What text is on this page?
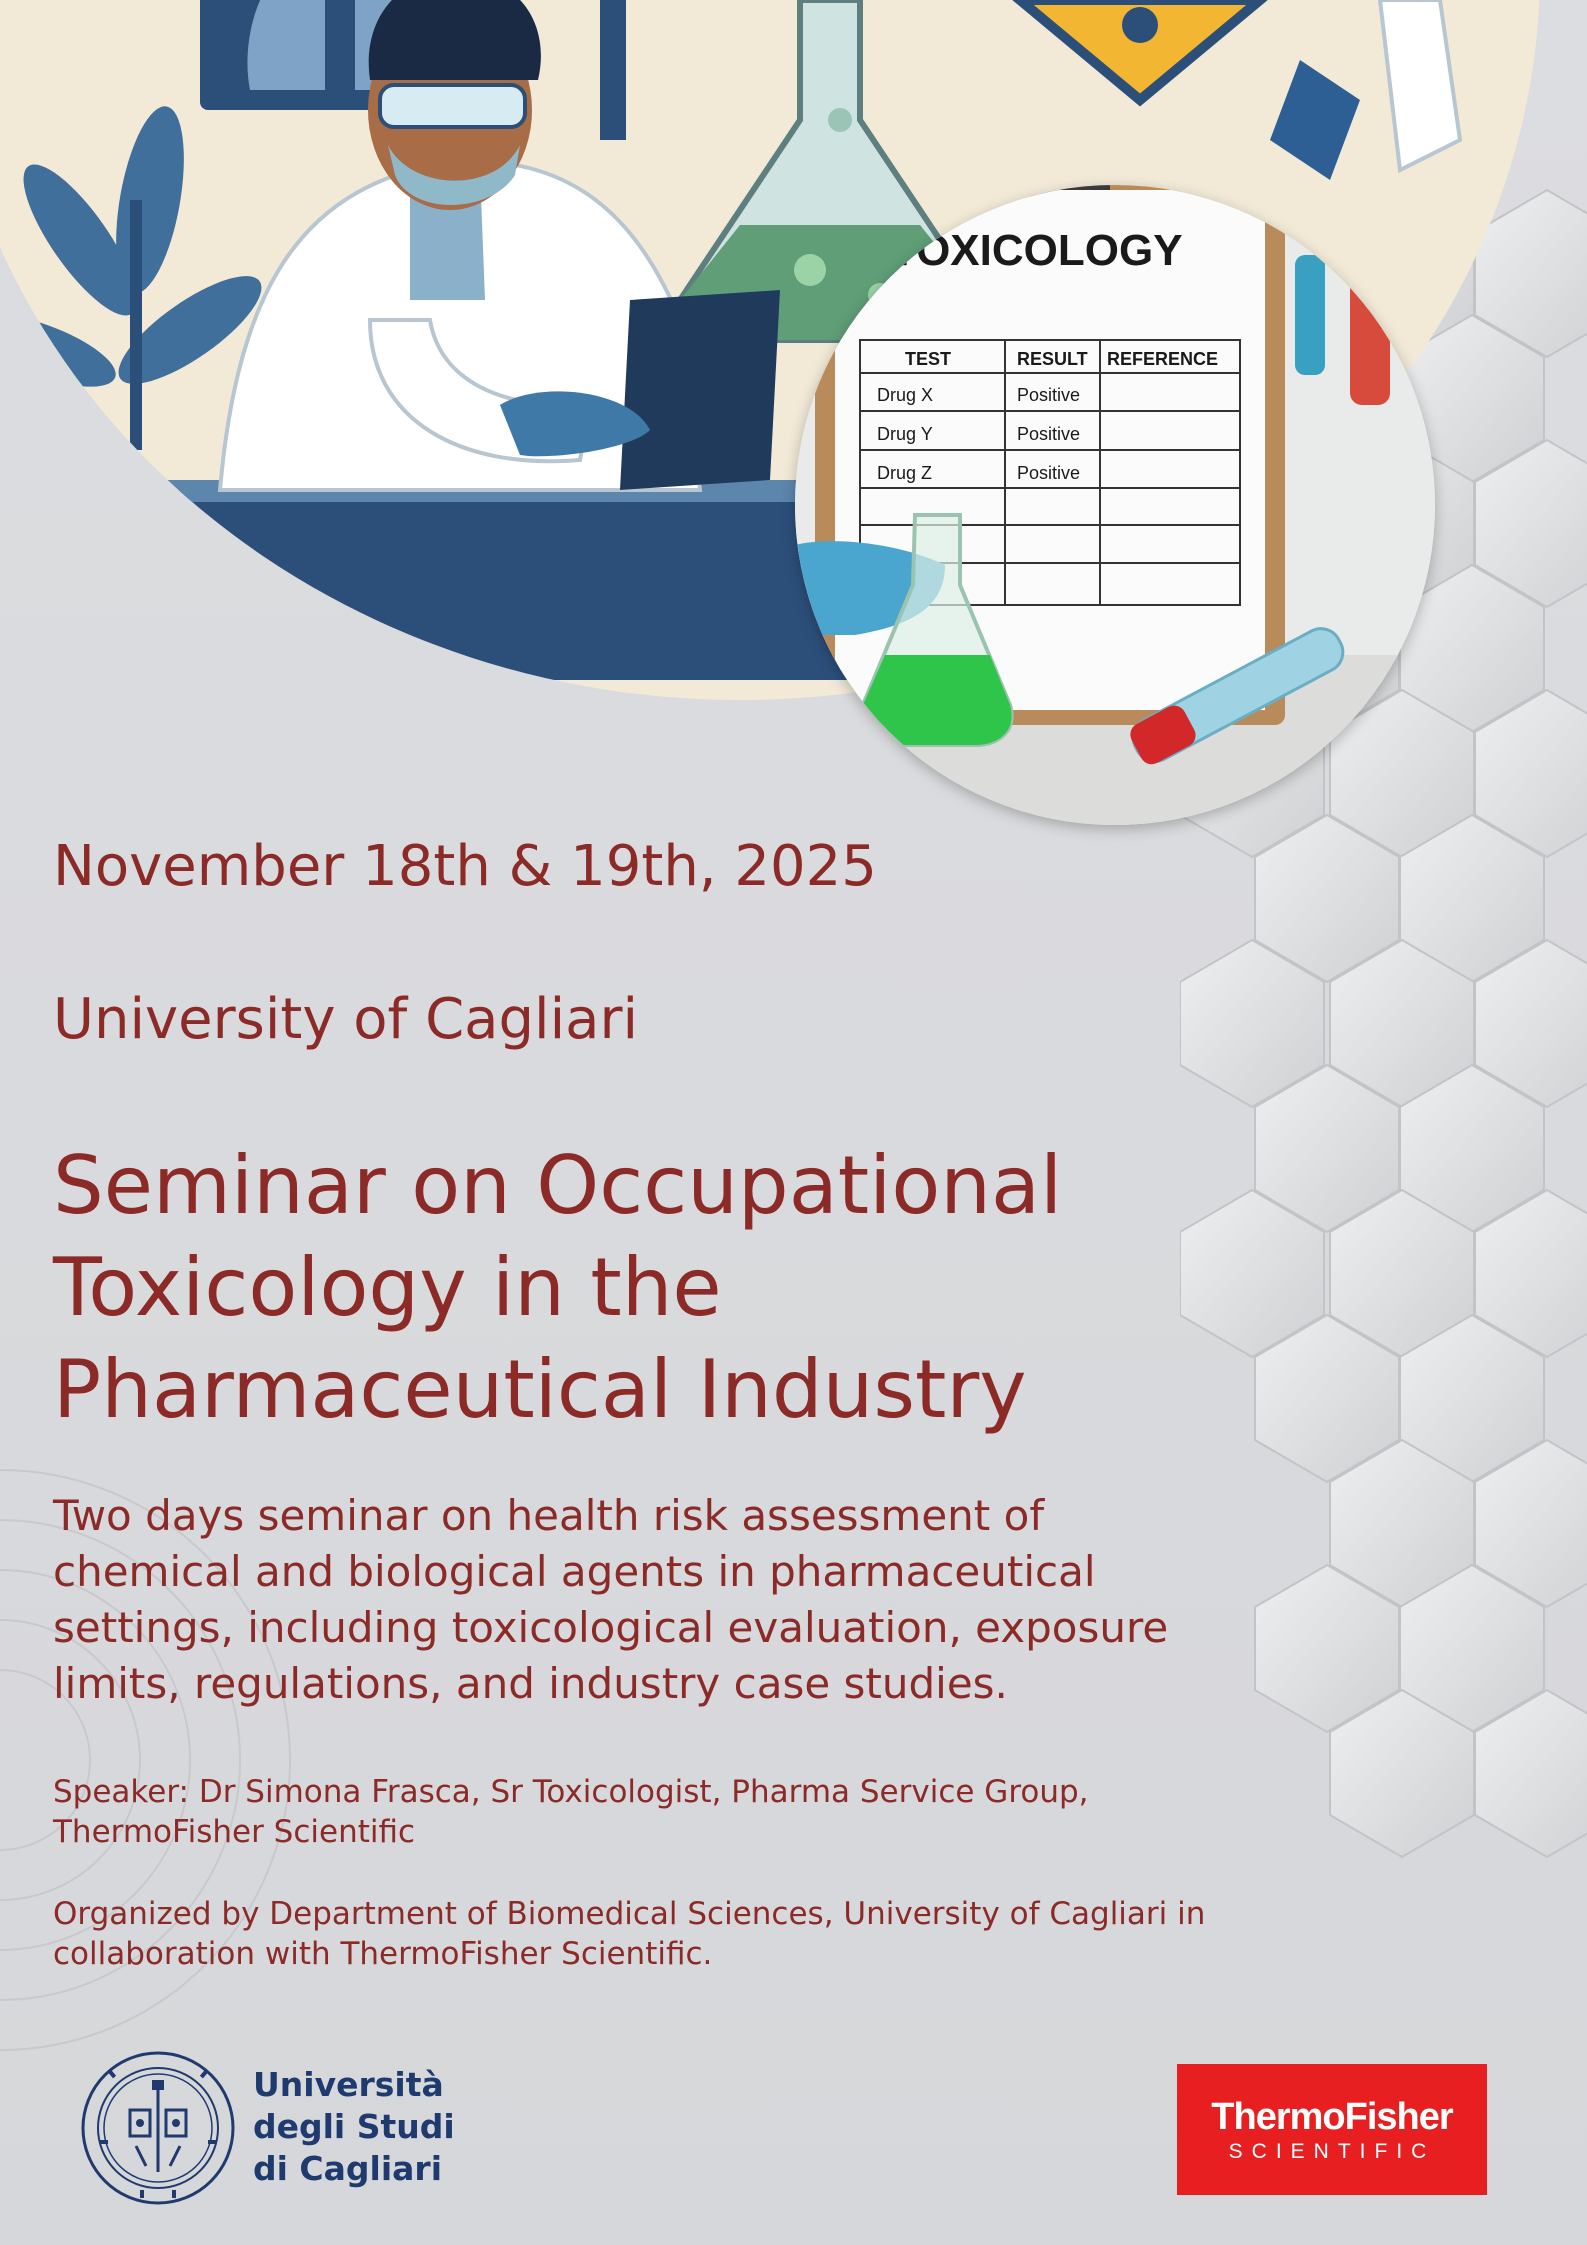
TOXICOLOGY
TEST	RESULT REFERENCE
Drug X	Positive
Drug Y	Positive
Drug Z	Positive

November 18th & 19th, 2025

University of Cagliari

Seminar on Occupational
Toxicology in the
Pharmaceutical Industry

Two days seminar on health risk assessment of
chemical and biological agents in pharmaceutical
settings, including toxicological evaluation, exposure
limits, regulations, and industry case studies.

Speaker: Dr Simona Frasca, Sr Toxicologist, Pharma Service Group,
ThermoFisher Scientific

Organized by Department of Biomedical Sciences, University of Cagliari in
collaboration with ThermoFisher Scientific.

Università
degli Studi
di Cagliari

ThermoFisher
SCIENTIFIC
